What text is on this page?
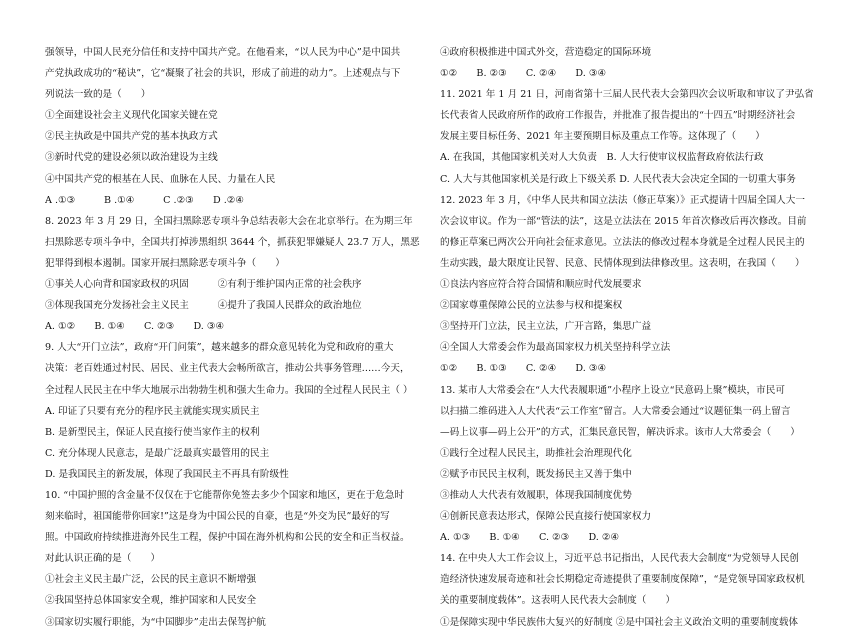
强领导，中国人民充分信任和支持中国共产党。在他看来，“以人民为中心”是中国共
产党执政成功的“秘诀”，它“凝聚了社会的共识，形成了前进的动力”。上述观点与下
列说法一致的是（　　）
①全面建设社会主义现代化国家关键在党
②民主执政是中国共产党的基本执政方式
③新时代党的建设必须以政治建设为主线
④中国共产党的根基在人民、血脉在人民、力量在人民
A .①③　　　B .①④　　　C .②③　　D .②④
8. 2023 年 3 月 29 日，全国扫黑除恶专项斗争总结表彰大会在北京举行。在为期三年
扫黑除恶专项斗争中，全国共打掉涉黑组织 3644 个，抓获犯罪嫌疑人 23.7 万人，黑恶
犯罪得到根本遏制。国家开展扫黑除恶专项斗争（　　）
①事关人心向背和国家政权的巩固　　　②有利于维护国内正常的社会秩序
③体现我国充分发扬社会主义民主　　　④提升了我国人民群众的政治地位
A. ①②　　B. ①④　　C. ②③　　D. ③④
9. 人大“开门立法”，政府“开门问策”，越来越多的群众意见转化为党和政府的重大
决策：老百姓通过村民、居民、业主代表大会畅所欲言，推动公共事务管理……今天，
全过程人民民主在中华大地展示出勃勃生机和强大生命力。我国的全过程人民民主（ ）
A. 印证了只要有充分的程序民主就能实现实质民主
B. 是新型民主，保证人民直接行使当家作主的权利
C. 充分体现人民意志，是最广泛最真实最管用的民主
D. 是我国民主的新发展，体现了我国民主不再具有阶级性
10. “中国护照的含金量不仅仅在于它能帮你免签去多少个国家和地区，更在于危急时
刻来临时，祖国能带你回家!”这是身为中国公民的自豪，也是“外交为民”最好的写
照。中国政府持续推进海外民生工程，保护中国在海外机构和公民的安全和正当权益。
对此认识正确的是（　　）
①社会主义民主最广泛，公民的民主意识不断增强
②我国坚持总体国家安全观，维护国家和人民安全
③国家切实履行职能，为“中国脚步”走出去保驾护航
④政府积极推进中国式外交，营造稳定的国际环境
①②　　B. ②③　　C. ②④　　D. ③④
11. 2021 年 1 月 21 日，河南省第十三届人民代表大会第四次会议听取和审议了尹弘省
长代表省人民政府所作的政府工作报告，并批准了报告提出的“十四五”时期经济社会
发展主要目标任务、2021 年主要预期目标及重点工作等。这体现了（　　）
A. 在我国，其他国家机关对人大负责　B. 人大行使审议权监督政府依法行政
C. 人大与其他国家机关是行政上下级关系 D. 人民代表大会决定全国的一切重大事务
12. 2023 年 3 月，《中华人民共和国立法法（修正草案）》正式提请十四届全国人大一
次会议审议。作为一部“管法的法”，这是立法法在 2015 年首次修改后再次修改。目前
的修正草案已两次公开向社会征求意见。立法法的修改过程本身就是全过程人民民主的
生动实践，最大限度让民智、民意、民情体现到法律修改里。这表明，在我国（　　）
①良法内容应符合符合国情和顺应时代发展要求
②国家尊重保障公民的立法参与权和提案权
③坚持开门立法，民主立法，广开言路，集思广益
④全国人大常委会作为最高国家权力机关坚持科学立法
①②　　B. ①③　　C. ②④　　D. ③④
13. 某市人大常委会在“人大代表履职通”小程序上设立“民意码上聚”模块，市民可
以扫描二维码进入人大代表“云工作室”留言。人大常委会通过“议题征集一码上留言
—码上议事—码上公开”的方式，汇集民意民智，解决诉求。该市人大常委会（　　）
①践行全过程人民民主，助推社会治理现代化
②赋予市民民主权利，既发扬民主又善于集中
③推动人大代表有效履职，体现我国制度优势
④创新民意表达形式，保障公民直接行使国家权力
A. ①③　　B. ①④　　C. ②③　　D. ②④
14. 在中央人大工作会议上，习近平总书记指出，人民代表大会制度“为党领导人民创
造经济快速发展奇迹和社会长期稳定奇迹提供了重要制度保障”，“是党领导国家政权机
关的重要制度载体”。这表明人民代表大会制度（　　）
①是保障实现中华民族伟大复兴的好制度 ②是中国社会主义政治文明的重要制度载体
